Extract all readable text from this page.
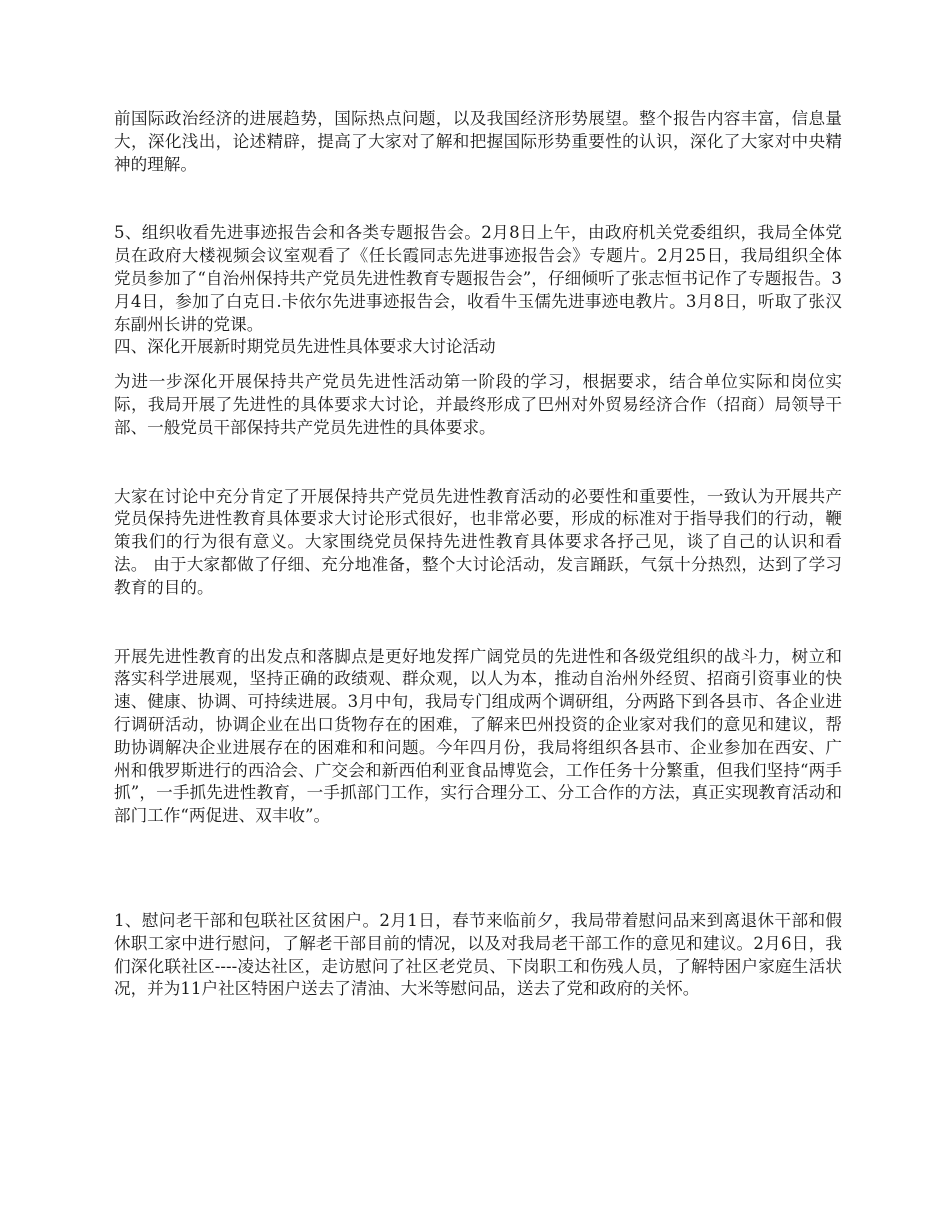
前国际政治经济的进展趋势，国际热点问题，以及我国经济形势展望。整个报告内容丰富，信息量大，深化浅出，论述精辟，提高了大家对了解和把握国际形势重要性的认识，深化了大家对中央精神的理解。

5、组织收看先进事迹报告会和各类专题报告会。2月8日上午，由政府机关党委组织，我局全体党员在政府大楼视频会议室观看了《任长霞同志先进事迹报告会》专题片。2月25日，我局组织全体党员参加了“自治州保持共产党员先进性教育专题报告会”，仔细倾听了张志恒书记作了专题报告。3月4日，参加了白克日.卡依尔先进事迹报告会，收看牛玉儒先进事迹电教片。3月8日，听取了张汉东副州长讲的党课。

四、深化开展新时期党员先进性具体要求大讨论活动

为进一步深化开展保持共产党员先进性活动第一阶段的学习，根据要求，结合单位实际和岗位实际，我局开展了先进性的具体要求大讨论，并最终形成了巴州对外贸易经济合作（招商）局领导干部、一般党员干部保持共产党员先进性的具体要求。

大家在讨论中充分肯定了开展保持共产党员先进性教育活动的必要性和重要性，一致认为开展共产党员保持先进性教育具体要求大讨论形式很好，也非常必要，形成的标准对于指导我们的行动，鞭策我们的行为很有意义。大家围绕党员保持先进性教育具体要求各抒己见，谈了自己的认识和看法。 由于大家都做了仔细、充分地准备，整个大讨论活动，发言踊跃，气氛十分热烈，达到了学习教育的目的。

开展先进性教育的出发点和落脚点是更好地发挥广阔党员的先进性和各级党组织的战斗力，树立和落实科学进展观，坚持正确的政绩观、群众观，以人为本，推动自治州外经贸、招商引资事业的快速、健康、协调、可持续进展。3月中旬，我局专门组成两个调研组，分两路下到各县市、各企业进行调研活动，协调企业在出口货物存在的困难，了解来巴州投资的企业家对我们的意见和建议，帮助协调解决企业进展存在的困难和和问题。今年四月份，我局将组织各县市、企业参加在西安、广州和俄罗斯进行的西洽会、广交会和新西伯利亚食品博览会，工作任务十分繁重，但我们坚持“两手抓”，一手抓先进性教育，一手抓部门工作，实行合理分工、分工合作的方法，真正实现教育活动和部门工作“两促进、双丰收”。

1、慰问老干部和包联社区贫困户。2月1日，春节来临前夕，我局带着慰问品来到离退休干部和假休职工家中进行慰问，了解老干部目前的情况，以及对我局老干部工作的意见和建议。2月6日，我们深化联社区----凌达社区，走访慰问了社区老党员、下岗职工和伤残人员，了解特困户家庭生活状况，并为11户社区特困户送去了清油、大米等慰问品，送去了党和政府的关怀。
